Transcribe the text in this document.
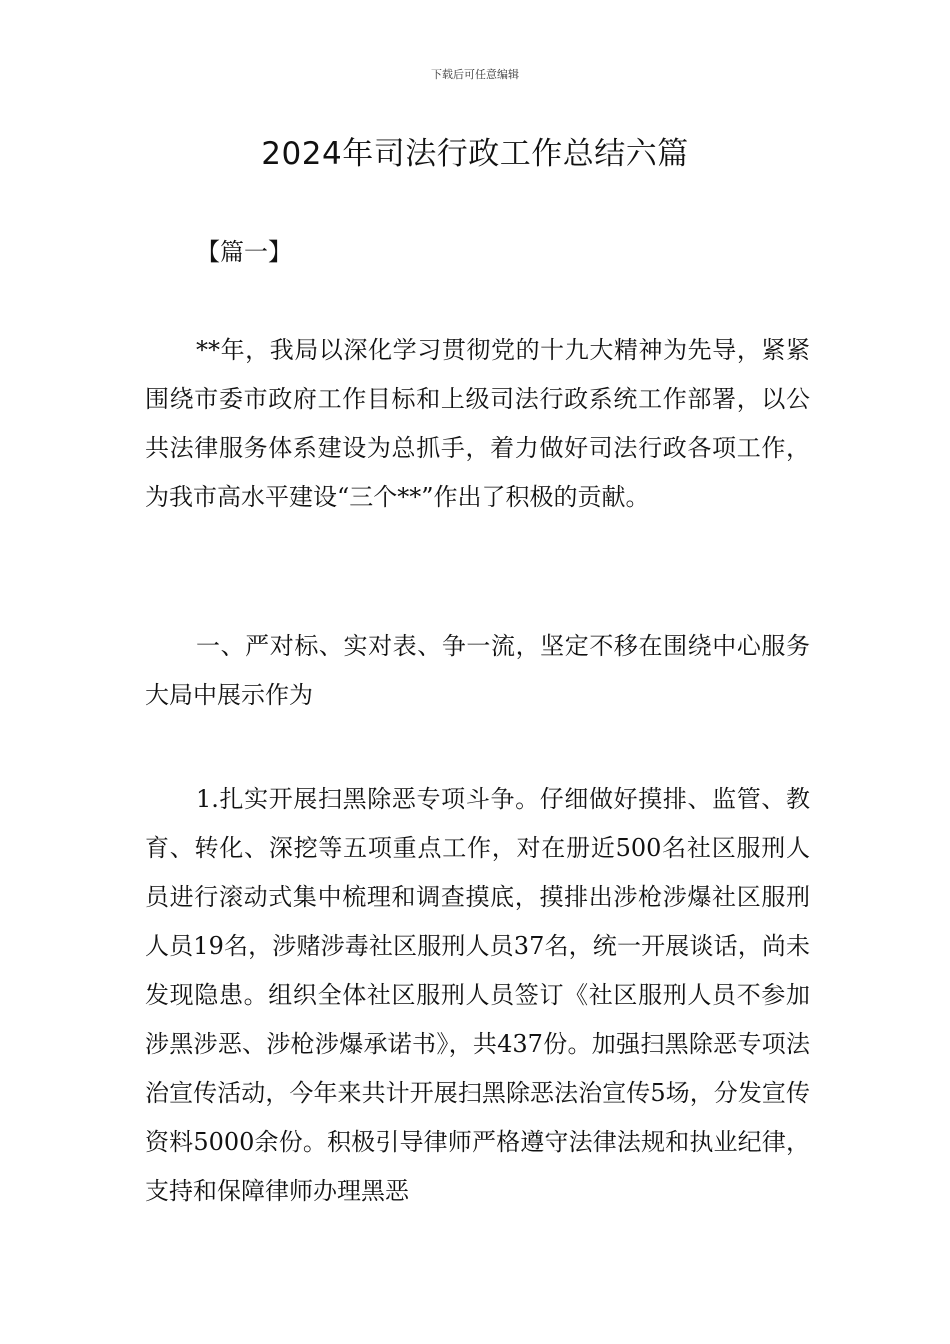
下载后可任意编辑
2024年司法行政工作总结六篇
【篇一】

**年，我局以深化学习贯彻党的十九大精神为先导，紧紧围绕市委市政府工作目标和上级司法行政系统工作部署，以公共法律服务体系建设为总抓手，着力做好司法行政各项工作，为我市高水平建设“三个**”作出了积极的贡献。

一、严对标、实对表、争一流，坚定不移在围绕中心服务大局中展示作为

1.扎实开展扫黑除恶专项斗争。仔细做好摸排、监管、教育、转化、深挖等五项重点工作，对在册近500名社区服刑人员进行滚动式集中梳理和调查摸底，摸排出涉枪涉爆社区服刑人员19名，涉赌涉毒社区服刑人员37名，统一开展谈话，尚未发现隐患。组织全体社区服刑人员签订《社区服刑人员不参加涉黑涉恶、涉枪涉爆承诺书》，共437份。加强扫黑除恶专项法治宣传活动，今年来共计开展扫黑除恶法治宣传5场，分发宣传资料5000余份。积极引导律师严格遵守法律法规和执业纪律，支持和保障律师办理黑恶
